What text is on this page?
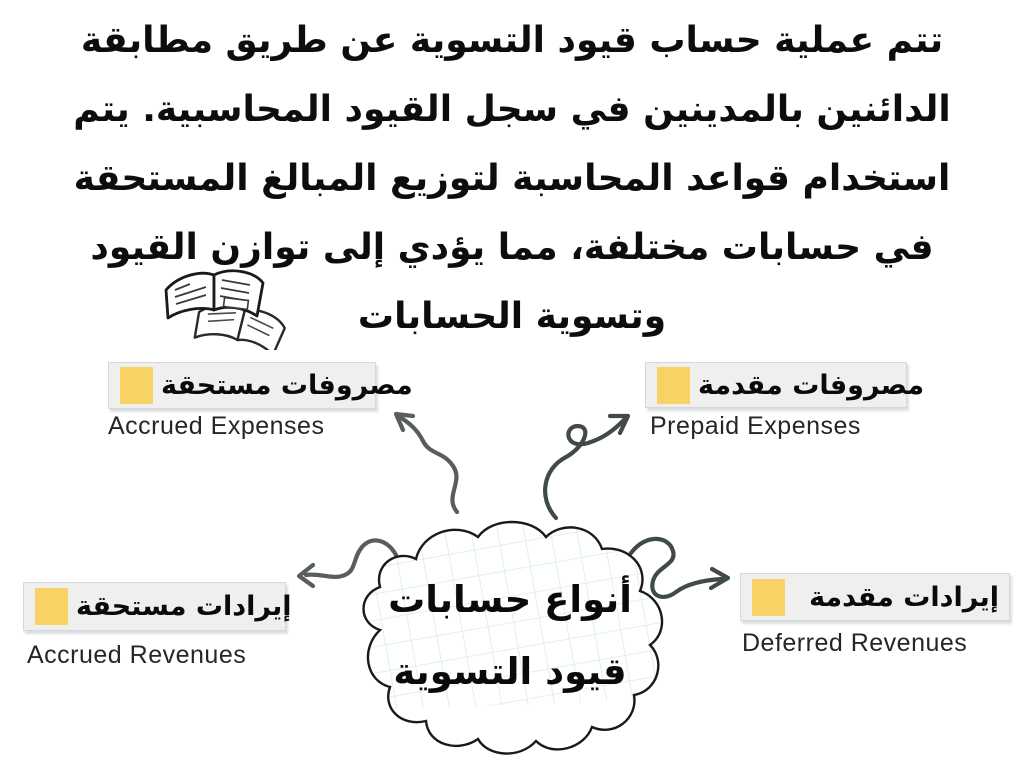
تتم عملية حساب قيود التسوية عن طريق مطابقة
الدائنين بالمدينين في سجل القيود المحاسبية. يتم
استخدام قواعد المحاسبة لتوزيع المبالغ المستحقة
في حسابات مختلفة، مما يؤدي إلى توازن القيود
وتسوية الحسابات
أنواع حسابات
قيود التسوية
مصروفات مستحقة
Accrued Expenses
مصروفات مقدمة
Prepaid Expenses
إيرادات مستحقة
Accrued Revenues
إيرادات مقدمة
Deferred Revenues
